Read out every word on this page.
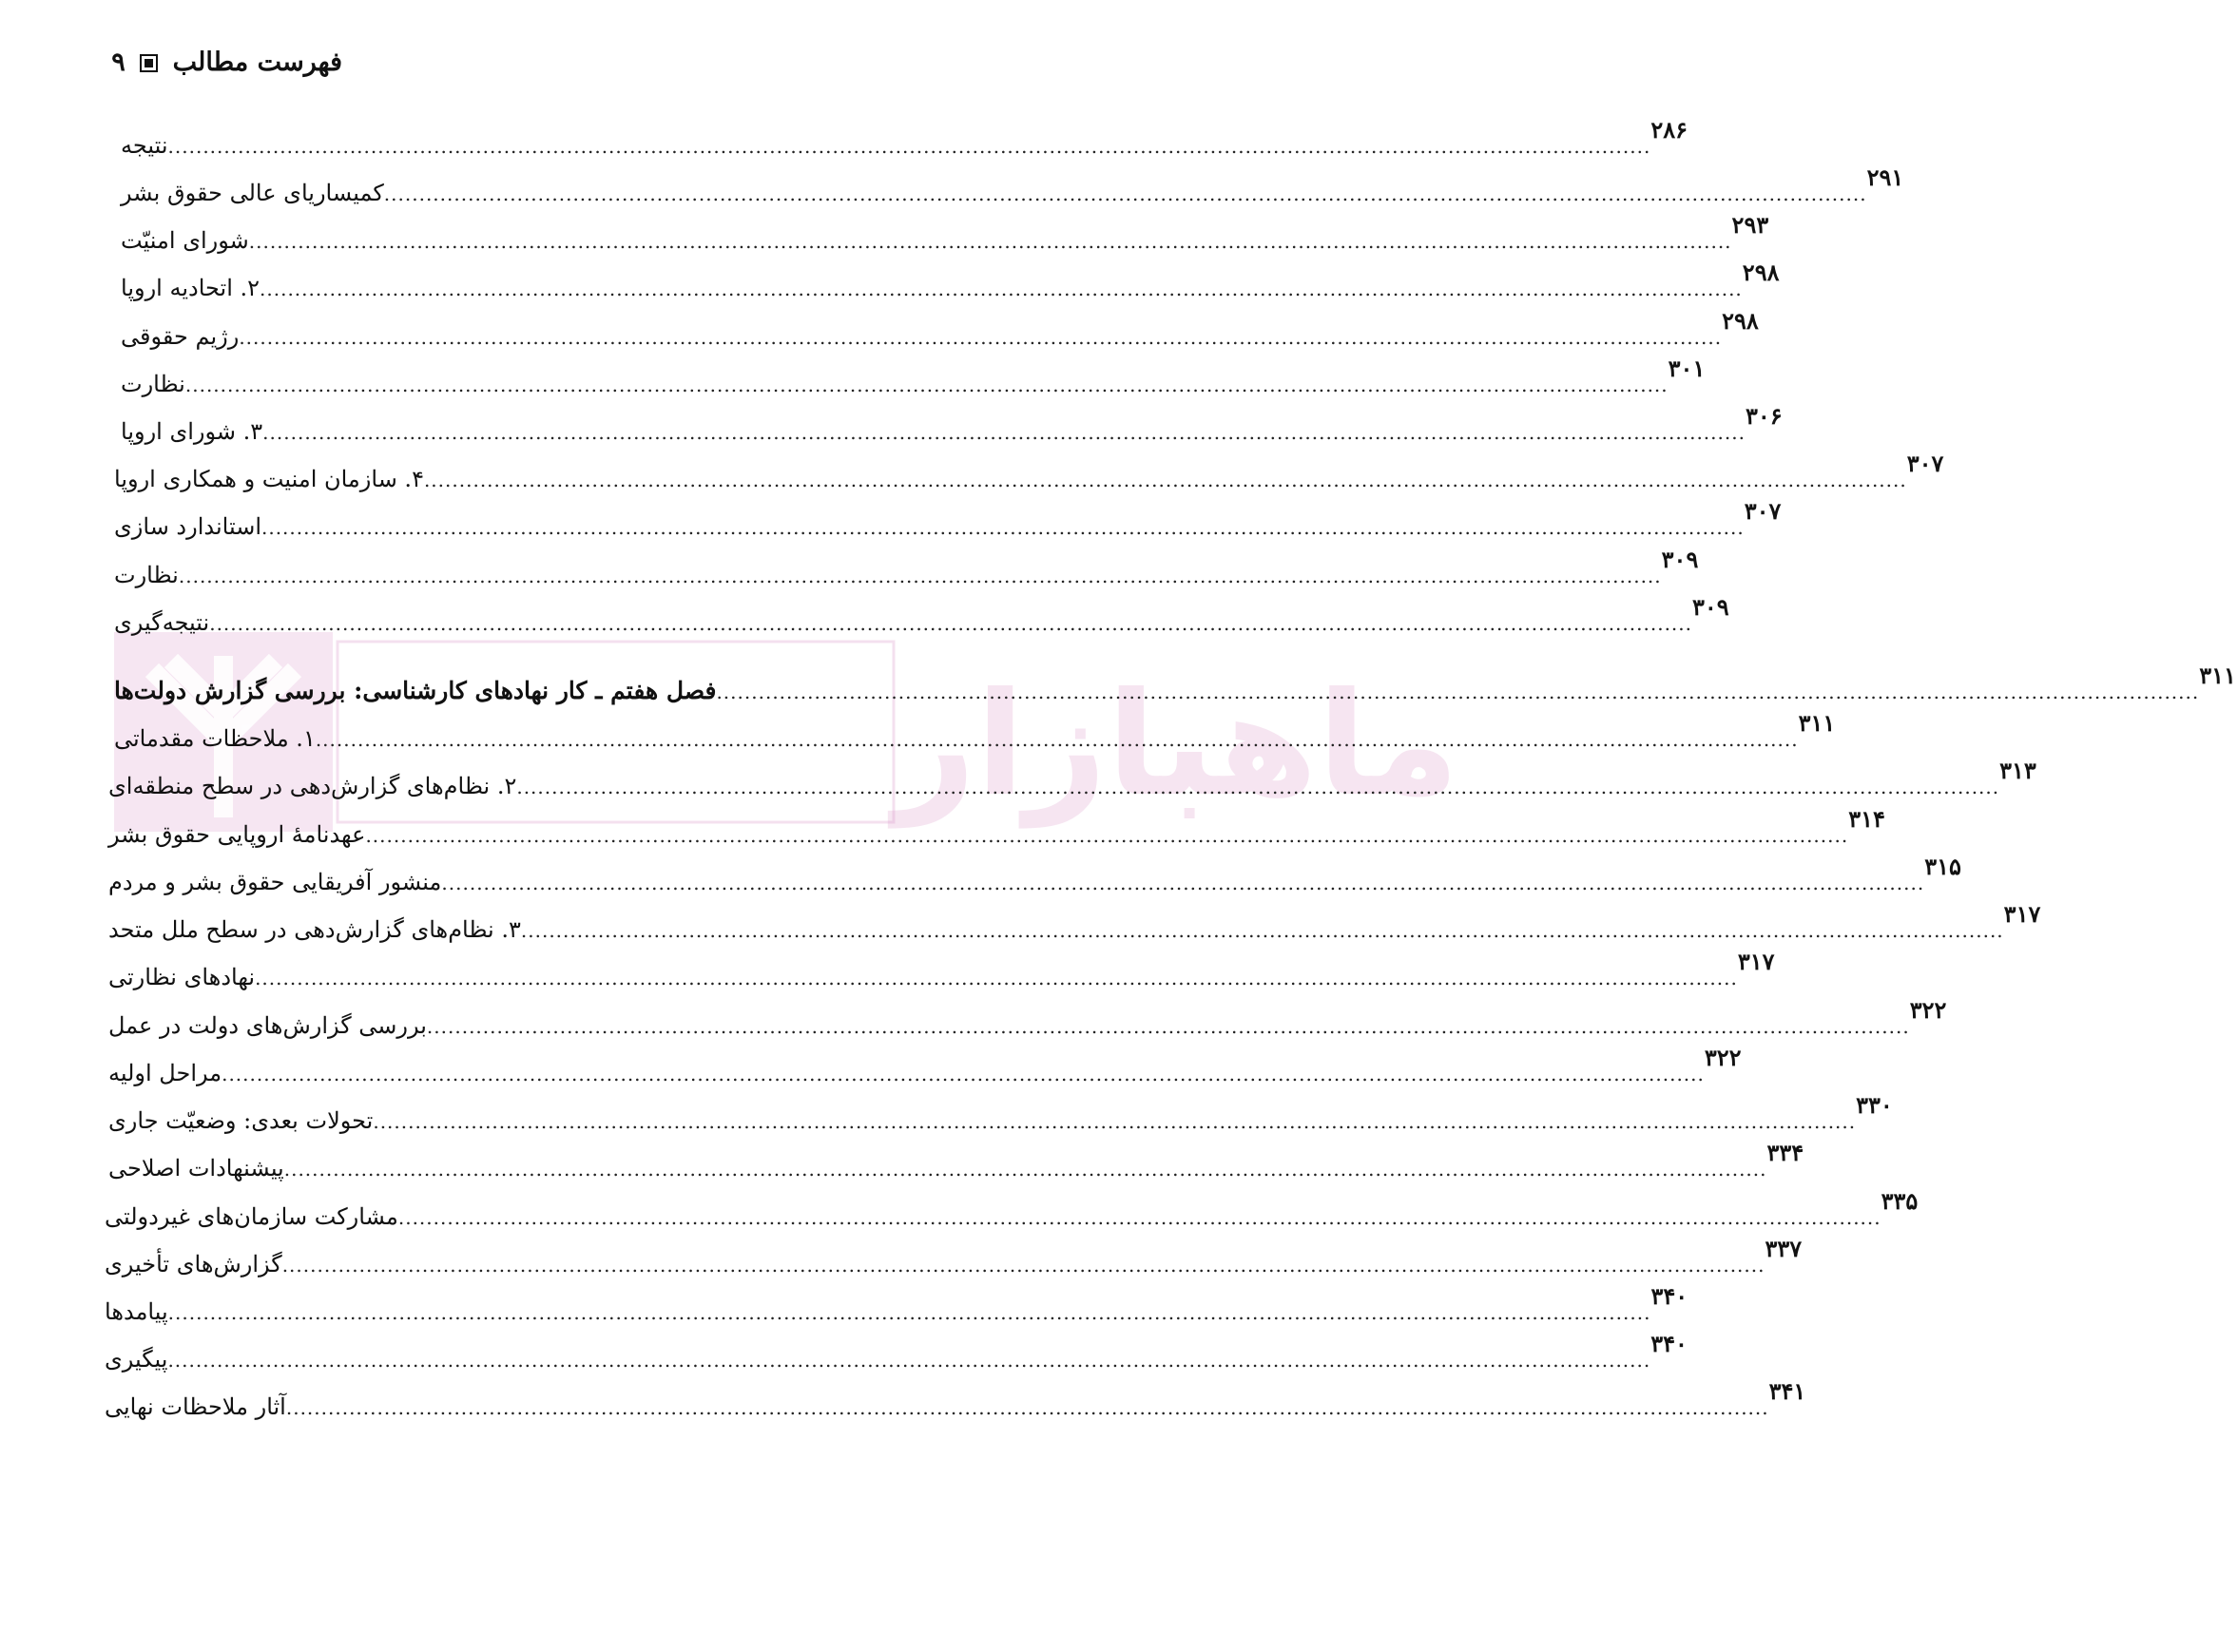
فهرست مطالب  ۹
ماهبازار
نتیجه
.....
۲۸۶
کمیساریای عالی حقوق بشر
.....
۲۹۱
شورای امنیّت
.....
۲۹۳
۲. اتحادیه اروپا
.....
۲۹۸
رژیم حقوقی
.....
۲۹۸
نظارت
.....
۳۰۱
۳. شورای اروپا
.....
۳۰۶
۴. سازمان امنیت و همکاری اروپا
.....
۳۰۷
استاندارد سازی
.....
۳۰۷
نظارت
.....
۳۰۹
نتیجه‌گیری
.....
۳۰۹
فصل هفتم ـ کار نهادهای کارشناسی: بررسی گزارش دولت‌ها
.....
۳۱۱
۱. ملاحظات مقدماتی
.....
۳۱۱
۲. نظام‌های گزارش‌دهی در سطح منطقه‌ای
.....
۳۱۳
عهدنامهٔ اروپایی حقوق بشر
.....
۳۱۴
منشور آفریقایی حقوق بشر و مردم
.....
۳۱۵
۳. نظام‌های گزارش‌دهی در سطح ملل متحد
.....
۳۱۷
نهادهای نظارتی
.....
۳۱۷
بررسی گزارش‌های دولت در عمل
.....
۳۲۲
مراحل اولیه
.....
۳۲۲
تحولات بعدی: وضعیّت جاری
.....
۳۳۰
پیشنهادات اصلاحی
.....
۳۳۴
مشارکت سازمان‌های غیردولتی
.....
۳۳۵
گزارش‌های تأخیری
.....
۳۳۷
پیامدها
.....
۳۴۰
پیگیری
.....
۳۴۰
آثار ملاحظات نهایی
.....
۳۴۱
